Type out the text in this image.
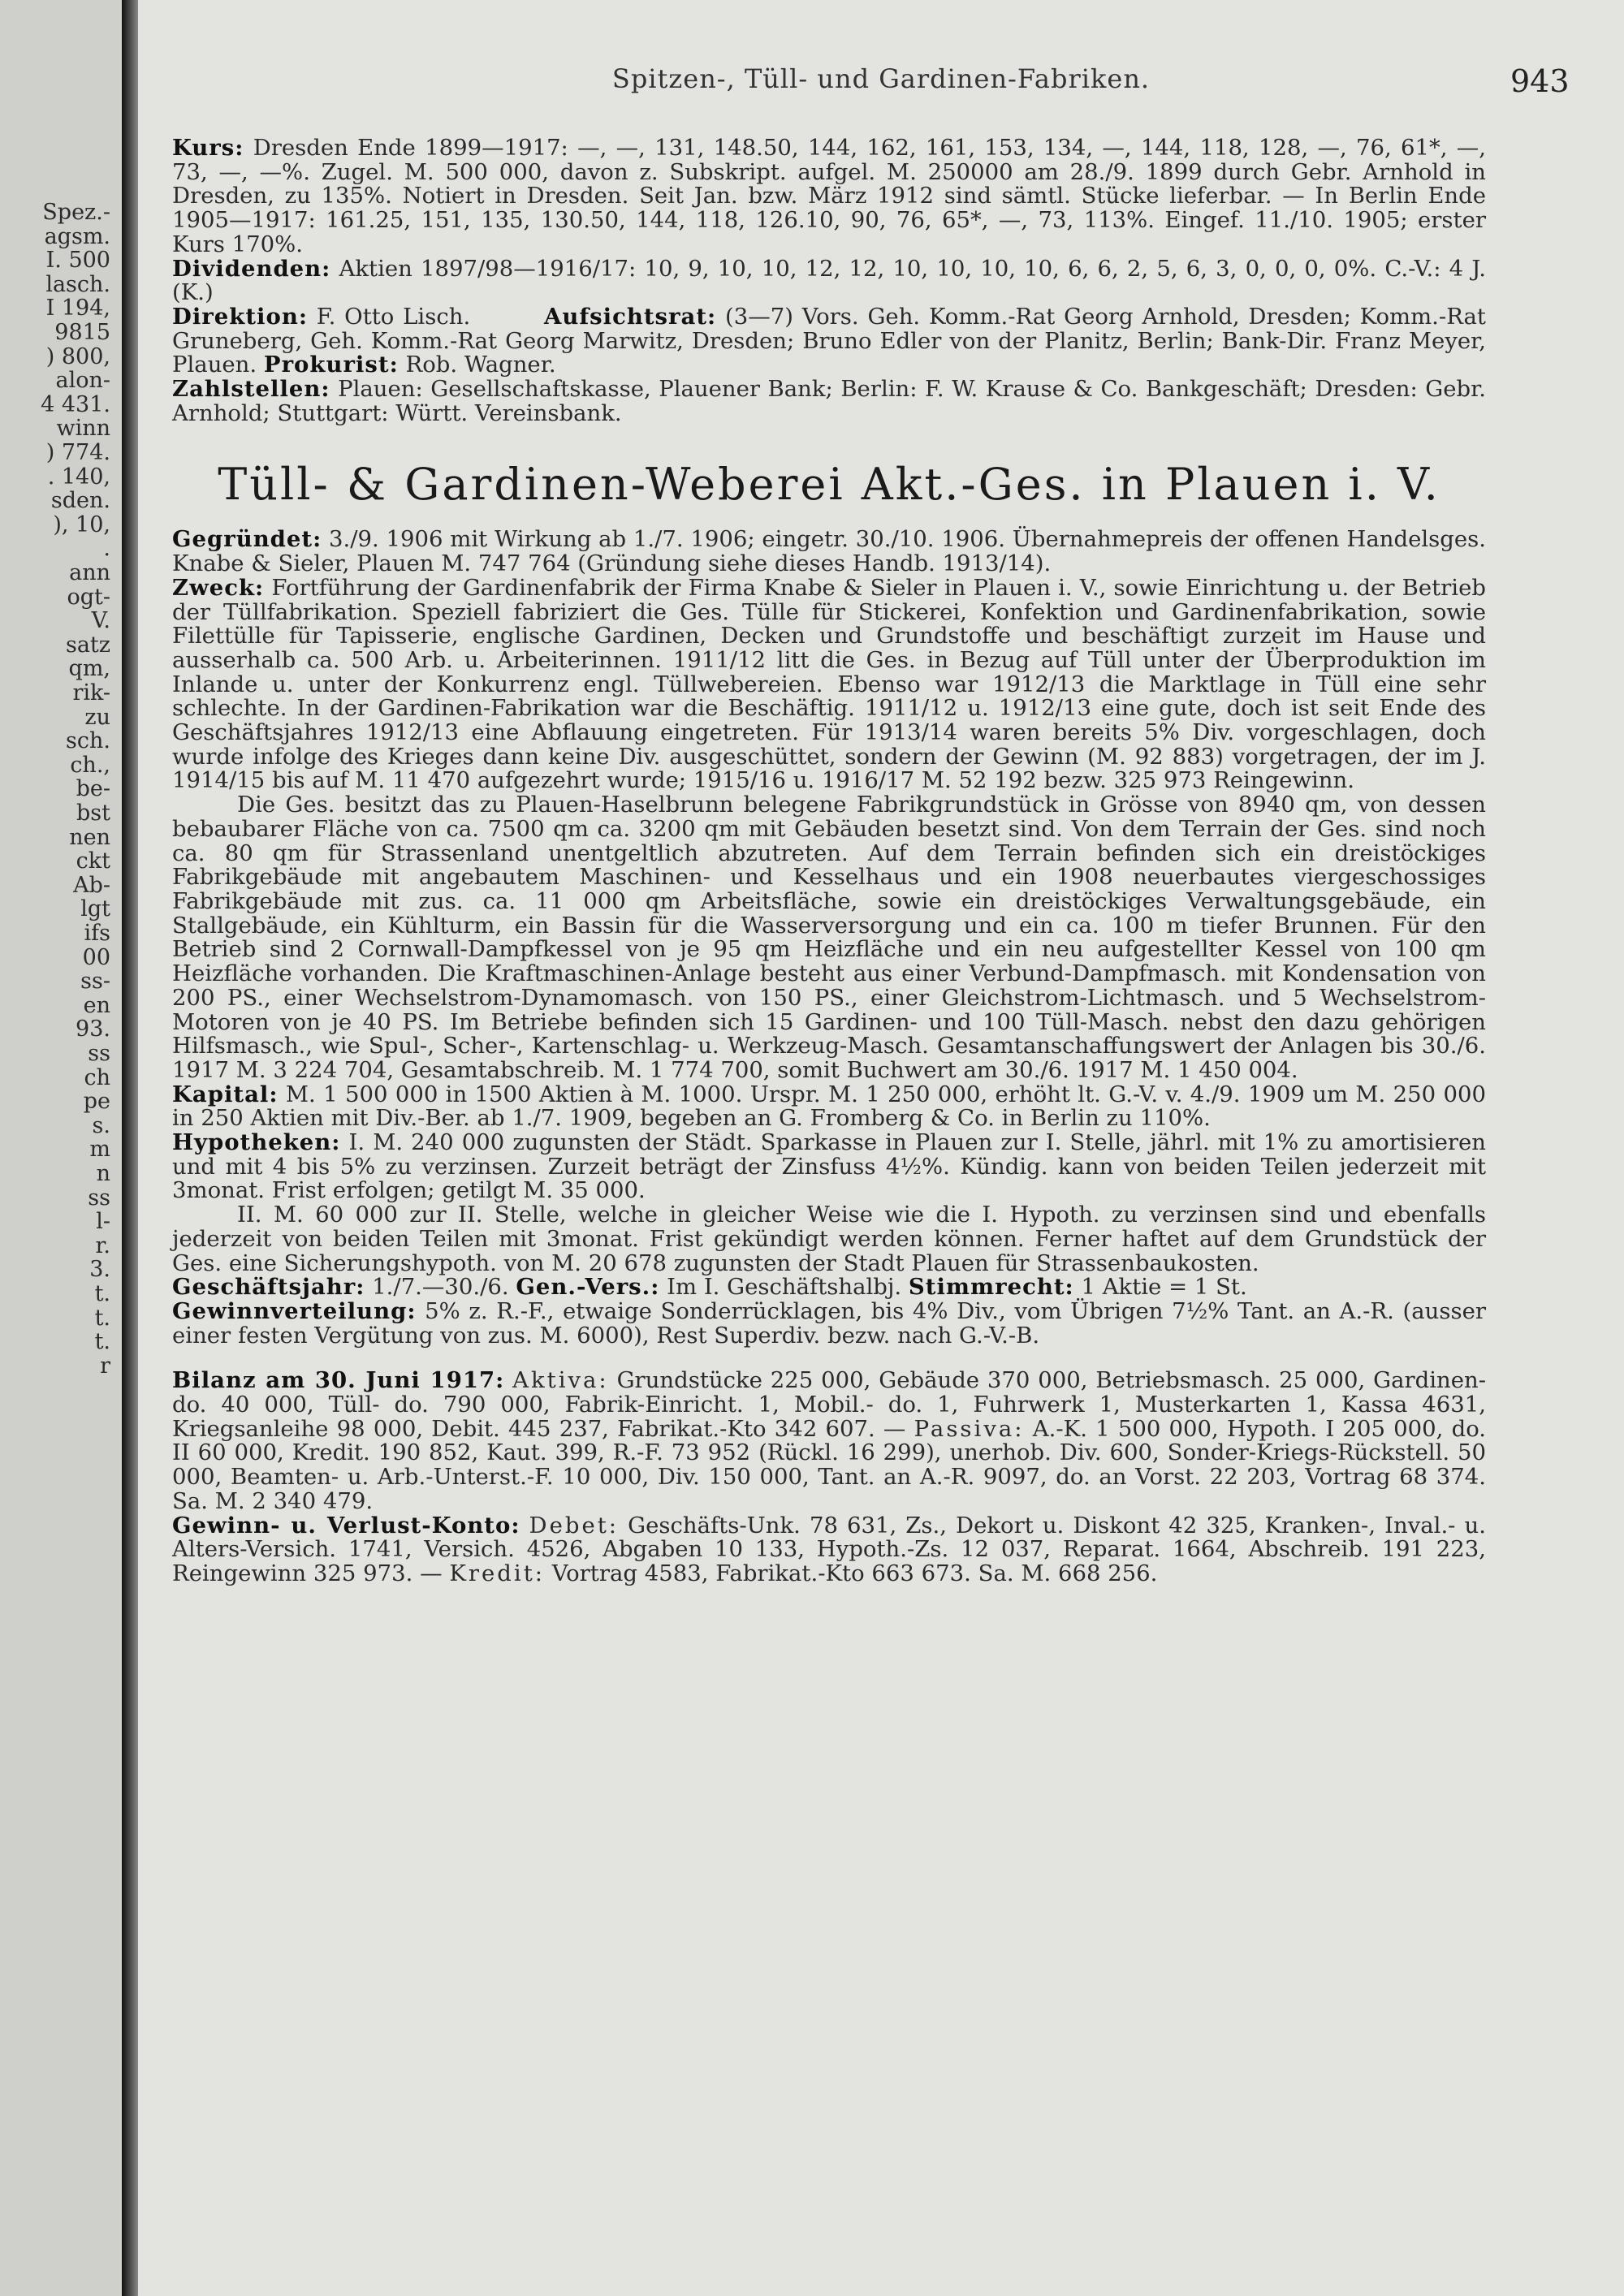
Spez.-
agsm.
I. 500
lasch.
I 194,
9815
) 800,
alon-
4 431.
winn
) 774.
. 140,
sden.
), 10,
.
ann
ogt-
V.
satz
qm,
rik-
zu
sch.
ch.,
be-
bst
nen
ckt
Ab-
lgt
ifs
00
ss-
en
93.
ss
ch
pe
s.
m
n
ss
l-
r.
3.
t.
t.
t.
r
Spitzen-, Tüll- und Gardinen-Fabriken.	943

Kurs: Dresden Ende 1899—1917: —, —, 131, 148.50, 144, 162, 161, 153, 134, —, 144, 118, 128, —, 76, 61*, —, 73, —, —%. Zugel. M. 500 000, davon z. Subskript. aufgel. M. 250000 am 28./9. 1899 durch Gebr. Arnhold in Dresden, zu 135%. Notiert in Dresden. Seit Jan. bzw. März 1912 sind sämtl. Stücke lieferbar. — In Berlin Ende 1905—1917: 161.25, 151, 135, 130.50, 144, 118, 126.10, 90, 76, 65*, —, 73, 113%. Eingef. 11./10. 1905; erster Kurs 170%.

Dividenden: Aktien 1897/98—1916/17: 10, 9, 10, 10, 12, 12, 10, 10, 10, 10, 6, 6, 2, 5, 6, 3, 0, 0, 0, 0%. C.-V.: 4 J. (K.)

Direktion: F. Otto Lisch.	Aufsichtsrat: (3—7) Vors. Geh. Komm.-Rat Georg Arnhold, Dresden; Komm.-Rat Gruneberg, Geh. Komm.-Rat Georg Marwitz, Dresden; Bruno Edler von der Planitz, Berlin; Bank-Dir. Franz Meyer, Plauen. Prokurist: Rob. Wagner.

Zahlstellen: Plauen: Gesellschaftskasse, Plauener Bank; Berlin: F. W. Krause & Co. Bankgeschäft; Dresden: Gebr. Arnhold; Stuttgart: Württ. Vereinsbank.

Tüll- & Gardinen-Weberei Akt.-Ges. in Plauen i. V.

Gegründet: 3./9. 1906 mit Wirkung ab 1./7. 1906; eingetr. 30./10. 1906. Übernahmepreis der offenen Handelsges. Knabe & Sieler, Plauen M. 747 764 (Gründung siehe dieses Handb. 1913/14).

Zweck: Fortführung der Gardinenfabrik der Firma Knabe & Sieler in Plauen i. V., sowie Einrichtung u. der Betrieb der Tüllfabrikation. Speziell fabriziert die Ges. Tülle für Stickerei, Konfektion und Gardinenfabrikation, sowie Filettülle für Tapisserie, englische Gardinen, Decken und Grundstoffe und beschäftigt zurzeit im Hause und ausserhalb ca. 500 Arb. u. Arbeiterinnen. 1911/12 litt die Ges. in Bezug auf Tüll unter der Überproduktion im Inlande u. unter der Konkurrenz engl. Tüllwebereien. Ebenso war 1912/13 die Marktlage in Tüll eine sehr schlechte. In der Gardinen-Fabrikation war die Beschäftig. 1911/12 u. 1912/13 eine gute, doch ist seit Ende des Geschäftsjahres 1912/13 eine Abflauung eingetreten. Für 1913/14 waren bereits 5% Div. vorgeschlagen, doch wurde infolge des Krieges dann keine Div. ausgeschüttet, sondern der Gewinn (M. 92 883) vorgetragen, der im J. 1914/15 bis auf M. 11 470 aufgezehrt wurde; 1915/16 u. 1916/17 M. 52 192 bezw. 325 973 Reingewinn.

Die Ges. besitzt das zu Plauen-Haselbrunn belegene Fabrikgrundstück in Grösse von 8940 qm, von dessen bebaubarer Fläche von ca. 7500 qm ca. 3200 qm mit Gebäuden besetzt sind. Von dem Terrain der Ges. sind noch ca. 80 qm für Strassenland unentgeltlich abzutreten. Auf dem Terrain befinden sich ein dreistöckiges Fabrikgebäude mit angebautem Maschinen- und Kesselhaus und ein 1908 neuerbautes viergeschossiges Fabrikgebäude mit zus. ca. 11 000 qm Arbeitsfläche, sowie ein dreistöckiges Verwaltungsgebäude, ein Stallgebäude, ein Kühlturm, ein Bassin für die Wasserversorgung und ein ca. 100 m tiefer Brunnen. Für den Betrieb sind 2 Cornwall-Dampfkessel von je 95 qm Heizfläche und ein neu aufgestellter Kessel von 100 qm Heizfläche vorhanden. Die Kraftmaschinen-Anlage besteht aus einer Verbund-Dampfmasch. mit Kondensation von 200 PS., einer Wechselstrom-Dynamomasch. von 150 PS., einer Gleichstrom-Lichtmasch. und 5 Wechselstrom-Motoren von je 40 PS. Im Betriebe befinden sich 15 Gardinen- und 100 Tüll-Masch. nebst den dazu gehörigen Hilfsmasch., wie Spul-, Scher-, Kartenschlag- u. Werkzeug-Masch. Gesamtanschaffungswert der Anlagen bis 30./6. 1917 M. 3 224 704, Gesamtabschreib. M. 1 774 700, somit Buchwert am 30./6. 1917 M. 1 450 004.

Kapital: M. 1 500 000 in 1500 Aktien à M. 1000. Urspr. M. 1 250 000, erhöht lt. G.-V. v. 4./9. 1909 um M. 250 000 in 250 Aktien mit Div.-Ber. ab 1./7. 1909, begeben an G. Fromberg & Co. in Berlin zu 110%.

Hypotheken: I. M. 240 000 zugunsten der Städt. Sparkasse in Plauen zur I. Stelle, jährl. mit 1% zu amortisieren und mit 4 bis 5% zu verzinsen. Zurzeit beträgt der Zinsfuss 4½%. Kündig. kann von beiden Teilen jederzeit mit 3monat. Frist erfolgen; getilgt M. 35 000.

II. M. 60 000 zur II. Stelle, welche in gleicher Weise wie die I. Hypoth. zu verzinsen sind und ebenfalls jederzeit von beiden Teilen mit 3monat. Frist gekündigt werden können. Ferner haftet auf dem Grundstück der Ges. eine Sicherungshypoth. von M. 20 678 zugunsten der Stadt Plauen für Strassenbaukosten.

Geschäftsjahr: 1./7.—30./6. Gen.-Vers.: Im I. Geschäftshalbj. Stimmrecht: 1 Aktie = 1 St.

Gewinnverteilung: 5% z. R.-F., etwaige Sonderrücklagen, bis 4% Div., vom Übrigen 7½% Tant. an A.-R. (ausser einer festen Vergütung von zus. M. 6000), Rest Superdiv. bezw. nach G.-V.-B.

Bilanz am 30. Juni 1917: Aktiva: Grundstücke 225 000, Gebäude 370 000, Betriebsmasch. 25 000, Gardinen- do. 40 000, Tüll- do. 790 000, Fabrik-Einricht. 1, Mobil.- do. 1, Fuhrwerk 1, Musterkarten 1, Kassa 4631, Kriegsanleihe 98 000, Debit. 445 237, Fabrikat.-Kto 342 607. — Passiva: A.-K. 1 500 000, Hypoth. I 205 000, do. II 60 000, Kredit. 190 852, Kaut. 399, R.-F. 73 952 (Rückl. 16 299), unerhob. Div. 600, Sonder-Kriegs-Rückstell. 50 000, Beamten- u. Arb.-Unterst.-F. 10 000, Div. 150 000, Tant. an A.-R. 9097, do. an Vorst. 22 203, Vortrag 68 374. Sa. M. 2 340 479.

Gewinn- u. Verlust-Konto: Debet: Geschäfts-Unk. 78 631, Zs., Dekort u. Diskont 42 325, Kranken-, Inval.- u. Alters-Versich. 1741, Versich. 4526, Abgaben 10 133, Hypoth.-Zs. 12 037, Reparat. 1664, Abschreib. 191 223, Reingewinn 325 973. — Kredit: Vortrag 4583, Fabrikat.-Kto 663 673. Sa. M. 668 256.
